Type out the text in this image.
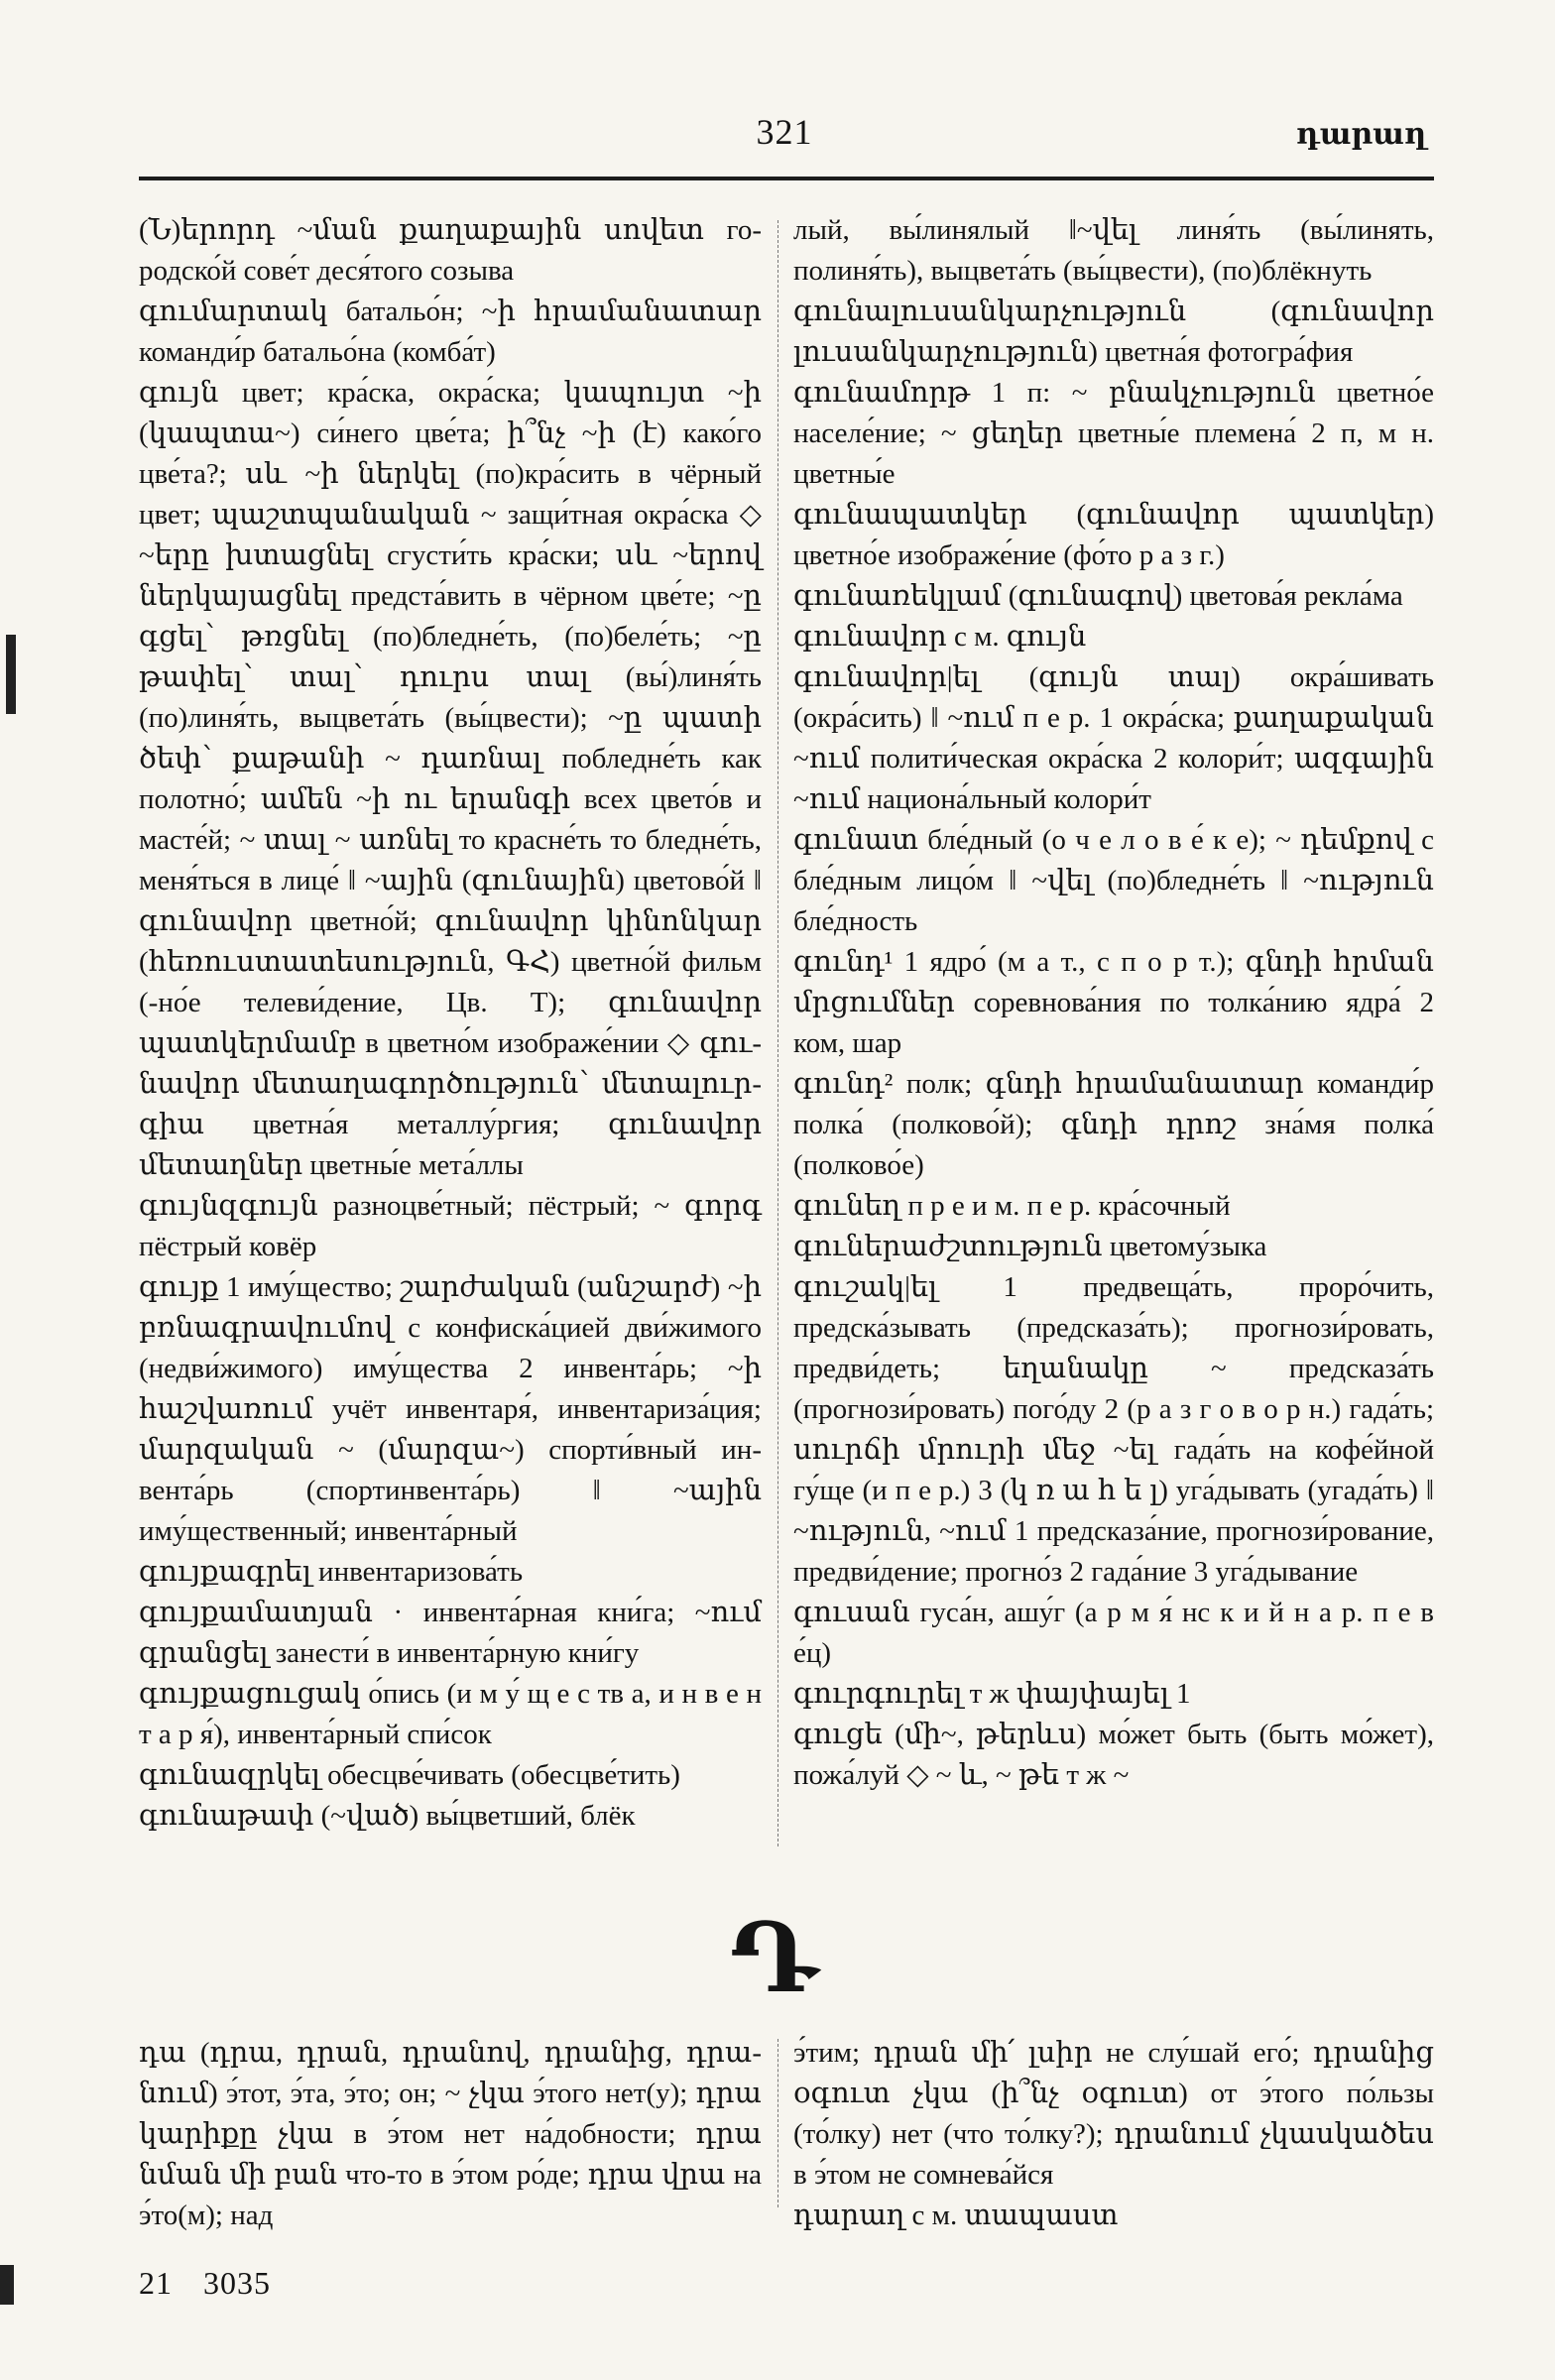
321	դարաղ
(Ն)երորդ ~ման քաղաքային սովետ городско́й сове́т деся́того созыва
գումարտակ батальо́н; ~ի հրամանատար команди́р батальо́на (комба́т)
գույն цвет; кра́ска, окра́ска; կապույտ ~ի (կապտա~) си́него цве́та; ի՞նչ ~ի (է) како́го цве́та?; սև ~ի ներկել (по)кра́сить в чёрный цвет; պաշտպանական ~ защи́тная окра́ска ◇ ~երը խտացնել сгусти́ть кра́ски; սև ~երով ներկայացնել предста́вить в чёрном цве́те; ~ը գցել՝ թռցնել (по)бледне́ть, (по)беле́ть; ~ը թափել՝ տալ՝ դուրս տալ (вы́)линя́ть (по)линя́ть, выцвета́ть (вы́цвести); ~ը պատի ծեփ՝ քաթանի ~ դառնալ побледне́ть как полотно́; ամեն ~ի ու երանգի всех цвето́в и масте́й; ~ տալ ~ առնել то красне́ть то бледне́ть, меня́ться в лице́ ‖ ~ային (գունային) цветово́й ‖ գունավոր цветно́й; գունավոր կինոնկար (հեռուստատեսություն, ԳՀ) цветно́й фильм (-но́е телеви́дение, Цв. Т); գունավոր պատկերմամբ в цветно́м изображе́нии ◇ գունավոր մետաղագործություն՝ մետալուրգիա цветна́я металлу́ргия; գունավոր մետաղներ цветны́е мета́ллы
գույնզգույն разноцве́тный; пёстрый; ~ գորգ пёстрый ковёр
գույք 1 иму́щество; շարժական (անշարժ) ~ի բռնագրավումով с конфиска́цией дви́жимого (недви́жимого) иму́щества 2 инвента́рь; ~ի հաշվառում учёт инвентаря́, инвентариза́ция; մարզական ~ (մարզա~) спорти́вный инвента́рь (спортинвента́рь) ‖ ~ային иму́щественный; инвента́рный
գույքագրել инвентаризова́ть
գույքամատյան · инвента́рная кни́га; ~ում գրանցել занести́ в инвента́рную кни́гу
գույքացուցակ о́пись (и м у́ щ е с тв а, и н в е н т а р я́), инвента́рный спи́сок
գունազրկել обесцве́чивать (обесцве́тить)
գունաթափ (~ված) вы́цветший, блёк
лый, вы́линялый ‖~վել линя́ть (вы́линять, полиня́ть), выцвета́ть (вы́цвести), (по)блёкнуть
գունալուսանկարչություն (գունավոր լուսանկարչություն) цветна́я фотогра́фия
գունամորթ 1 п: ~ բնակչություն цветно́е населе́ние; ~ ցեղեր цветны́е племена́ 2 п, м н. цветны́е
գունապատկեր (գունավոր պատկեր) цветно́е изображе́ние (фо́то р а з г.)
գունառեկլամ (գունագով) цветова́я рекла́ма
գունավոր с м. գույն
գունավոր|ել (գույն տալ) окра́шивать (окра́сить) ‖ ~ում п е р. 1 окра́ска; քաղաքական ~ում полити́ческая окра́ска 2 колори́т; ազգային ~ում национа́льный колори́т
գունատ бле́дный (о ч е л о в е́ к е); ~ դեմքով с бле́дным лицо́м ‖ ~վել (по)бледне́ть ‖ ~ություն бле́дность
գունդ¹ 1 ядро́ (м а т., с п о р т.); գնդի հրման մրցումներ соревнова́ния по толка́нию ядра́ 2 ком, шар
գունդ² полк; գնդի հրամանատար команди́р полка́ (полково́й); գնդի դրոշ зна́мя полка́ (полково́е)
գունեղ п р е и м. п е р. кра́сочный
գուներաժշտություն цветому́зыка
գուշակ|ել 1 предвеща́ть, проро́чить, предска́зывать (предсказа́ть); прогнози́ровать, предви́деть; եղանակը ~ предсказа́ть (прогнози́ровать) пого́ду 2 (р а з г о в о р н.) гада́ть; սուրճի մրուրի մեջ ~ել гада́ть на кофе́йной гу́ще (и п е р.) 3 (կ ռ ա հ ե լ) уга́дывать (угада́ть) ‖ ~ություն, ~ում 1 предсказа́ние, прогнози́рование, предви́дение; прогно́з 2 гада́ние 3 уга́дывание
գուսան гуса́н, ашу́г (а р м я́ нс к и й н а р. п е в е́ц)
գուրգուրել т ж փայփայել 1
գուցե (մի~, թերևս) мо́жет быть (быть мо́жет), пожа́луй ◇ ~ և, ~ թե т ж ~
Դ
դա (դրա, դրան, դրանով, դրանից, դրանում) э́тот, э́та, э́то; он; ~ չկա э́того нет(у); դրա կարիքը չկա в э́том нет на́добности; դրա նման մի բան что-то в э́том ро́де; դրա վրա на э́то(м); над
э́тим; դրան մի՛ լսիր не слу́шай его́; դրանից օգուտ չկա (ի՞նչ օգուտ) от э́того по́льзы (то́лку) нет (что то́лку?); դրանում չկասկածես в э́том не сомнева́йся
դարաղ с м. տապաստ
21 3035
